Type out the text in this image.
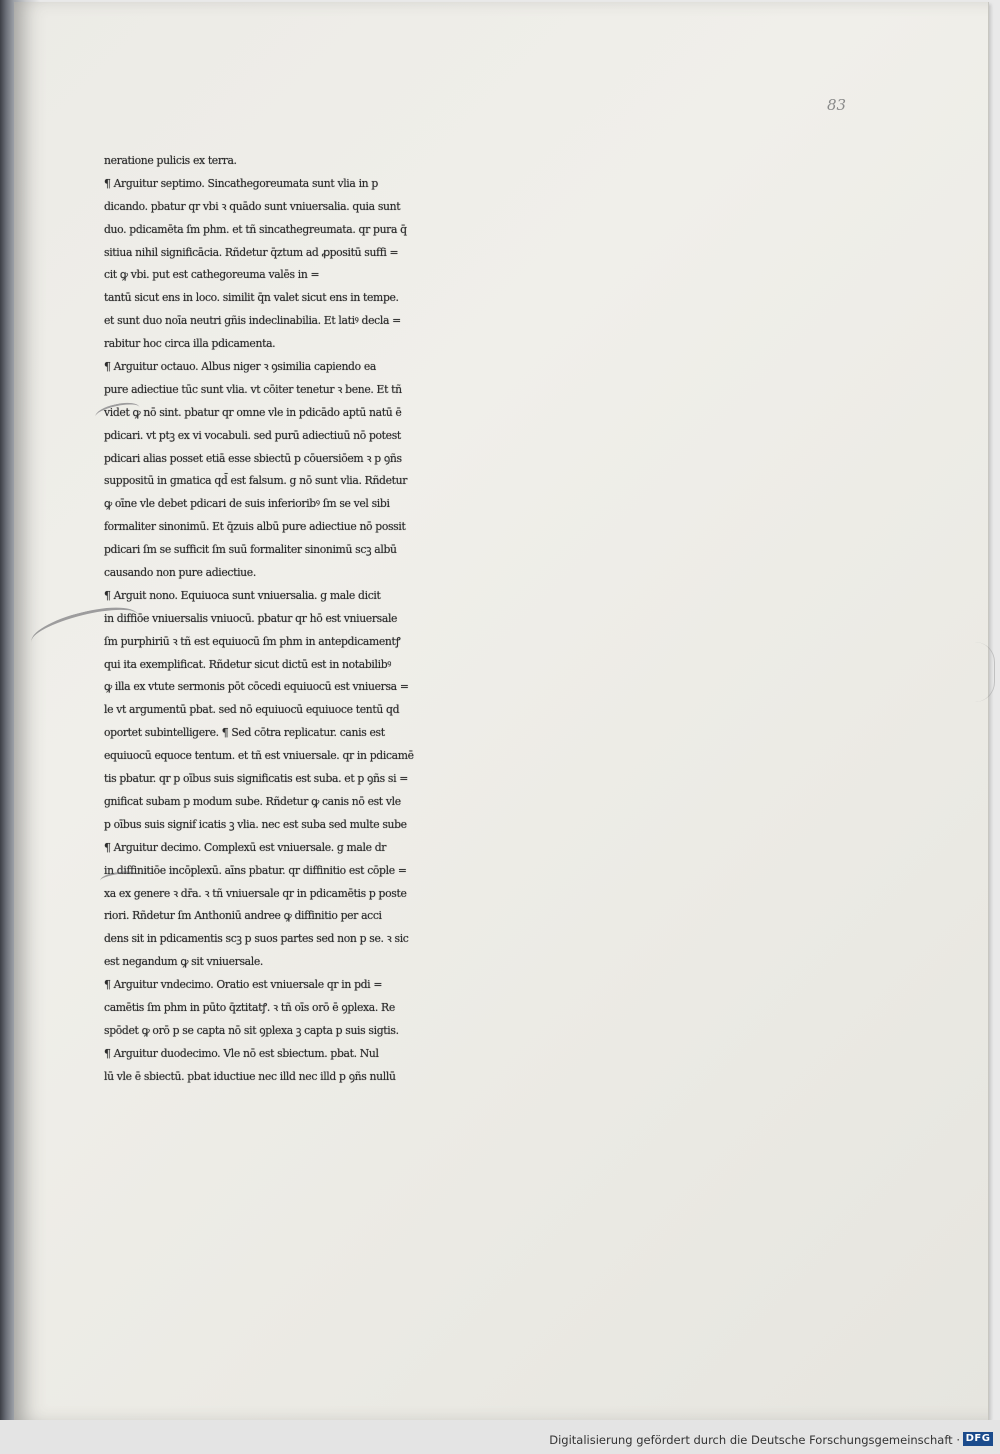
83
neratione pulicis ex terra.
¶ Arguitur septimo. Sincathegoreumata sunt vlia in p
dicando. pbatur qr vbi ꝛ quādo sunt vniuersalia. quia sunt
duo. pdicamēta ſm phm. et tñ sincathegreumata. qr pura q̄
sitiua nihil significācia. Rñdetur q̄ztum ad ꝓpositū suffi =
cit ꝙ vbi. put est cathegoreuma valēs in =
tantū sicut ens in loco. similit q̄n valet sicut ens in tempe.
et sunt duo noīa neutri gñis indeclinabilia. Et latiꝰ decla =
rabitur hoc circa illa pdicamenta.
¶ Arguitur octauo. Albus niger ꝛ ꝯsimilia capiendo ea
pure adiectiue tūc sunt vlia. vt cōiter tenetur ꝛ bene. Et tñ
videt ꝙ nō sint. pbatur qr omne vle in pdicādo aptū natū ē
pdicari. vt ptꝫ ex vi vocabuli. sed purū adiectiuū nō potest
pdicari alias posset etiā esse sbiectū p cōuersiōem ꝛ p ꝯñs
suppositū in gmatica qd̄ est falsum. g nō sunt vlia. Rñdetur
ꝙ oīne vle debet pdicari de suis inferioribꝰ ſm se vel sibi
formaliter sinonimū. Et q̄zuis albū pure adiectiue nō possit
pdicari ſm se sufficit ſm suū formaliter sinonimū scꝫ albū
causando non pure adiectiue.
¶ Arguit nono. Equiuoca sunt vniuersalia. g male dicit
in diffiōe vniuersalis vniuocū. pbatur qr hō est vniuersale
ſm purphiriū ꝛ tñ est equiuocū ſm phm in antepdicamentꝭ
qui ita exemplificat. Rñdetur sicut dictū est in notabilibꝰ
ꝙ illa ex vtute sermonis pōt cōcedi equiuocū est vniuersa =
le vt argumentū pbat. sed nō equiuocū equiuoce tentū qd
oportet subintelligere. ¶ Sed cōtra replicatur. canis est
equiuocū equoce tentum. et tñ est vniuersale. qr in pdicamē
tis pbatur. qr p oībus suis significatis est suba. et p ꝯñs si =
gnificat subam p modum sube. Rñdetur ꝙ canis nō est vle
p oībus suis signif icatis ꝫ vlia. nec est suba sed multe sube
¶ Arguitur decimo. Complexū est vniuersale. g male dr
in diffinitiōe incōplexū. aīns pbatur. qr diffinitio est cōple =
xa ex genere ꝛ dr̄a. ꝛ tñ vniuersale qr in pdicamētis p poste
riori. Rñdetur ſm Anthoniū andree ꝙ diffinitio per acci
dens sit in pdicamentis scꝫ p suos partes sed non p se. ꝛ sic
est negandum ꝙ sit vniuersale.
¶ Arguitur vndecimo. Oratio est vniuersale qr in pdi =
camētis ſm phm in pūto q̄ztitatꝭ. ꝛ tñ oīs orō ē ꝯplexa. Re
spōdet ꝙ orō p se capta nō sit ꝯplexa ꝫ capta p suis sigtis.
¶ Arguitur duodecimo. Vle nō est sbiectum. pbat. Nul
lū vle ē sbiectū. pbat iductiue nec illd nec illd p ꝯñs nullū
Digitalisierung gefördert durch die Deutsche Forschungsgemeinschaft · DFG
